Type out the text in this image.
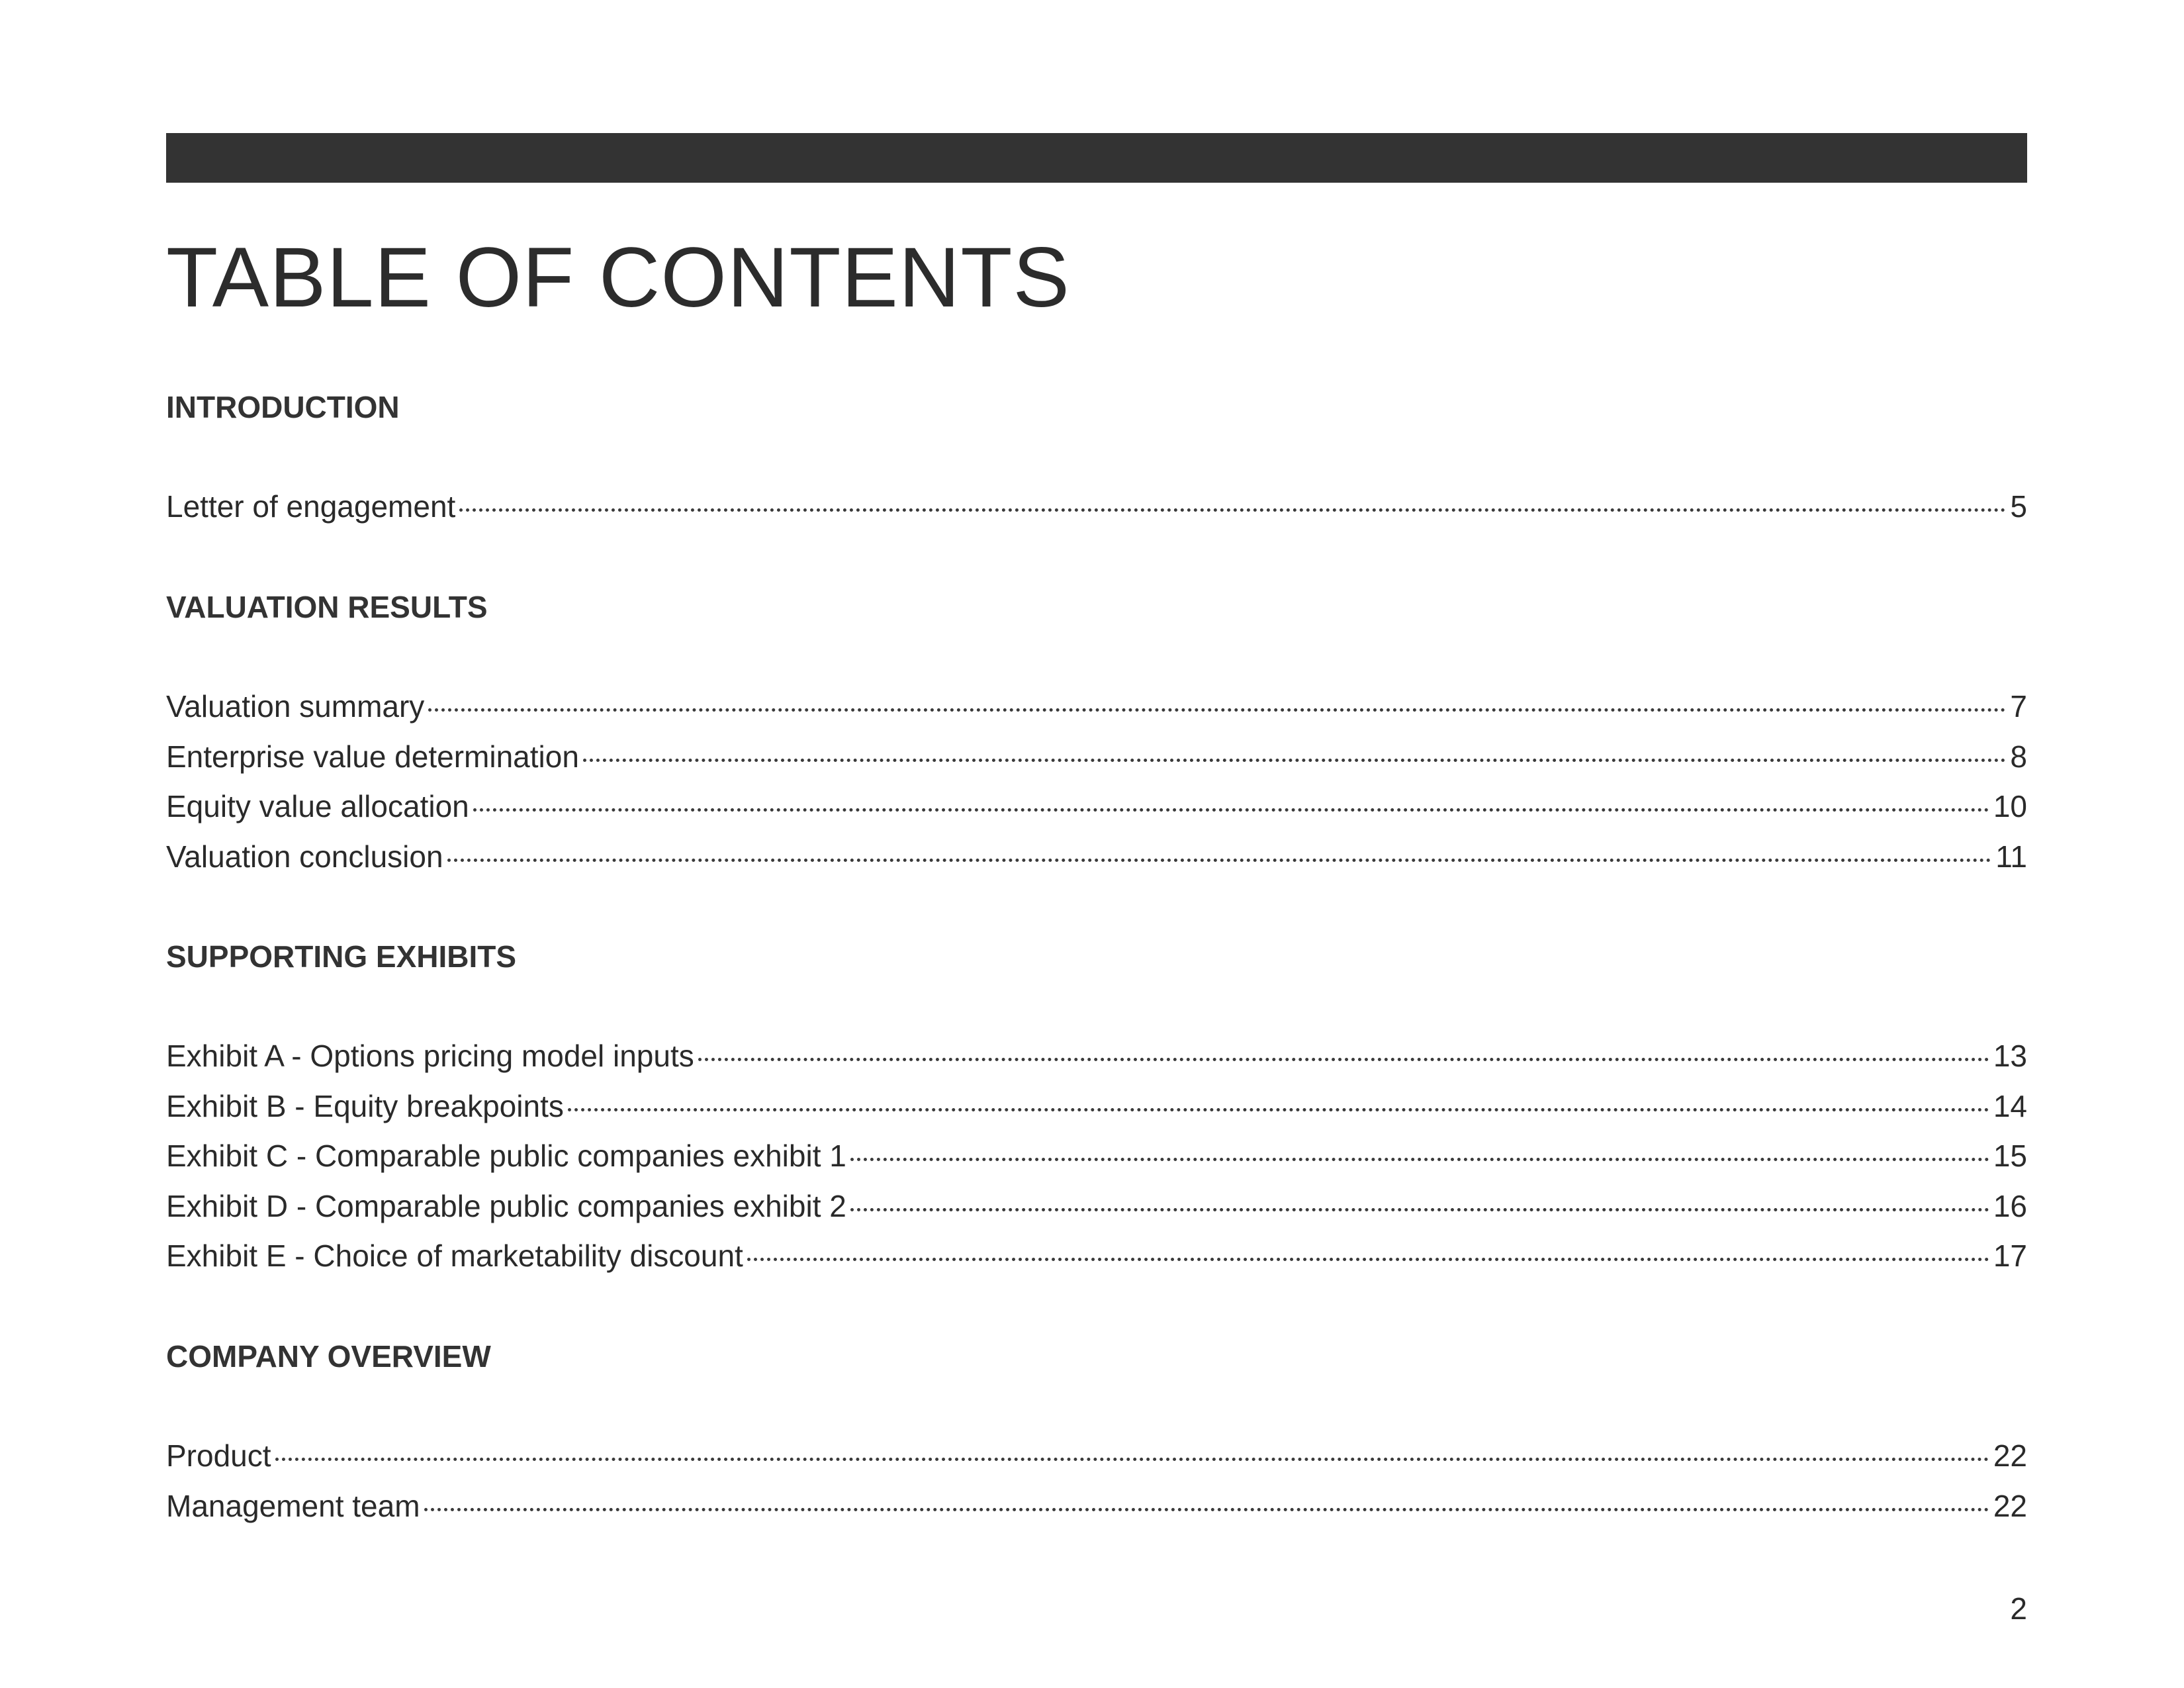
TABLE OF CONTENTS
INTRODUCTION
Letter of engagement	5
VALUATION RESULTS
Valuation summary	7
Enterprise value determination	8
Equity value allocation	10
Valuation conclusion	11
SUPPORTING EXHIBITS
Exhibit A - Options pricing model inputs	13
Exhibit B - Equity breakpoints	14
Exhibit C - Comparable public companies exhibit 1	15
Exhibit D - Comparable public companies exhibit 2	16
Exhibit E - Choice of marketability discount	17
COMPANY OVERVIEW
Product	22
Management team	22
2
